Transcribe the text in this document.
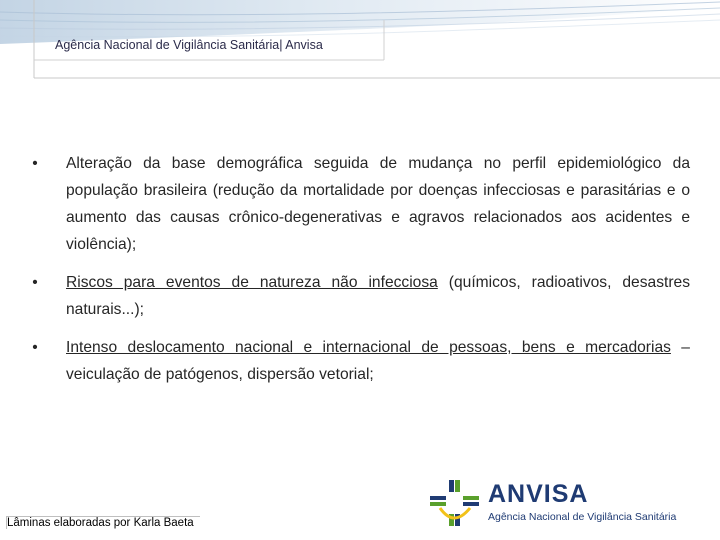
Agência Nacional de Vigilância Sanitária| Anvisa
• Alteração da base demográfica seguida de mudança no perfil epidemiológico da população brasileira (redução da mortalidade por doenças infecciosas e parasitárias e o aumento das causas crônico-degenerativas e agravos relacionados aos acidentes e violência);
• Riscos para eventos de natureza não infecciosa (químicos, radioativos, desastres naturais...);
• Intenso deslocamento nacional e internacional de pessoas, bens e mercadorias – veiculação de patógenos, dispersão vetorial;
Lâminas elaboradas por Karla Baeta
ANVISA
Agência Nacional de Vigilância Sanitária
